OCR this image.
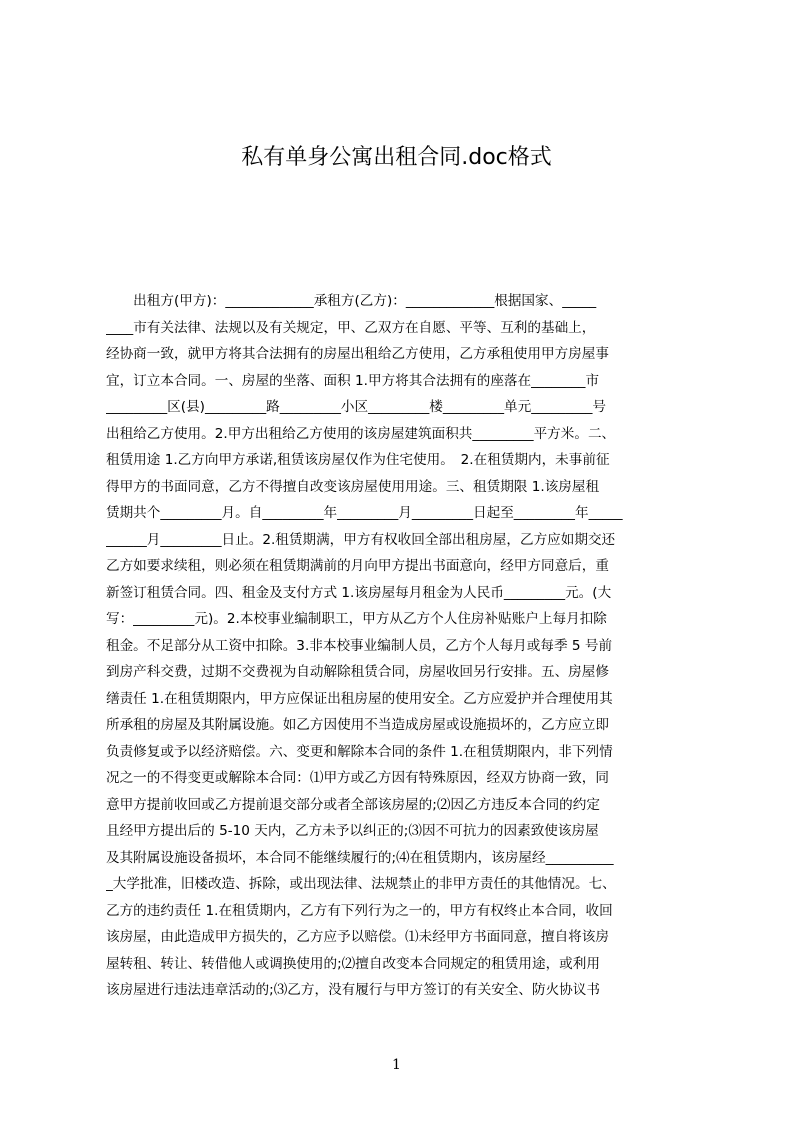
私有单身公寓出租合同.doc格式
　　出租方(甲方)：_____________承租方(乙方)：_____________根据国家、_____
____市有关法律、法规以及有关规定，甲、乙双方在自愿、平等、互利的基础上，
经协商一致，就甲方将其合法拥有的房屋出租给乙方使用，乙方承租使用甲方房屋事
宜，订立本合同。一、房屋的坐落、面积 1.甲方将其合法拥有的座落在________市
_________区(县)_________路_________小区_________楼_________单元_________号
出租给乙方使用。2.甲方出租给乙方使用的该房屋建筑面积共_________平方米。二、
租赁用途 1.乙方向甲方承诺,租赁该房屋仅作为住宅使用。　2.在租赁期内，未事前征
得甲方的书面同意，乙方不得擅自改变该房屋使用用途。三、租赁期限 1.该房屋租
赁期共个_________月。自_________年_________月_________日起至_________年_____
______月_________日止。2.租赁期满，甲方有权收回全部出租房屋，乙方应如期交还
乙方如要求续租，则必须在租赁期满前的月向甲方提出书面意向，经甲方同意后，重
新签订租赁合同。四、租金及支付方式 1.该房屋每月租金为人民币_________元。(大
写：_________元)。2.本校事业编制职工，甲方从乙方个人住房补贴账户上每月扣除
租金。不足部分从工资中扣除。3.非本校事业编制人员，乙方个人每月或每季 5 号前
到房产科交费，过期不交费视为自动解除租赁合同，房屋收回另行安排。五、房屋修
缮责任 1.在租赁期限内，甲方应保证出租房屋的使用安全。乙方应爱护并合理使用其
所承租的房屋及其附属设施。如乙方因使用不当造成房屋或设施损坏的，乙方应立即
负责修复或予以经济赔偿。六、变更和解除本合同的条件 1.在租赁期限内，非下列情
况之一的不得变更或解除本合同：⑴甲方或乙方因有特殊原因，经双方协商一致，同
意甲方提前收回或乙方提前退交部分或者全部该房屋的;⑵因乙方违反本合同的约定
且经甲方提出后的 5-10 天内，乙方未予以纠正的;⑶因不可抗力的因素致使该房屋
及其附属设施设备损坏，本合同不能继续履行的;⑷在租赁期内，该房屋经__________
_大学批准，旧楼改造、拆除，或出现法律、法规禁止的非甲方责任的其他情况。七、
乙方的违约责任 1.在租赁期内，乙方有下列行为之一的，甲方有权终止本合同，收回
该房屋，由此造成甲方损失的，乙方应予以赔偿。⑴未经甲方书面同意，擅自将该房
屋转租、转让、转借他人或调换使用的;⑵擅自改变本合同规定的租赁用途，或利用
该房屋进行违法违章活动的;⑶乙方，没有履行与甲方签订的有关安全、防火协议书
1
